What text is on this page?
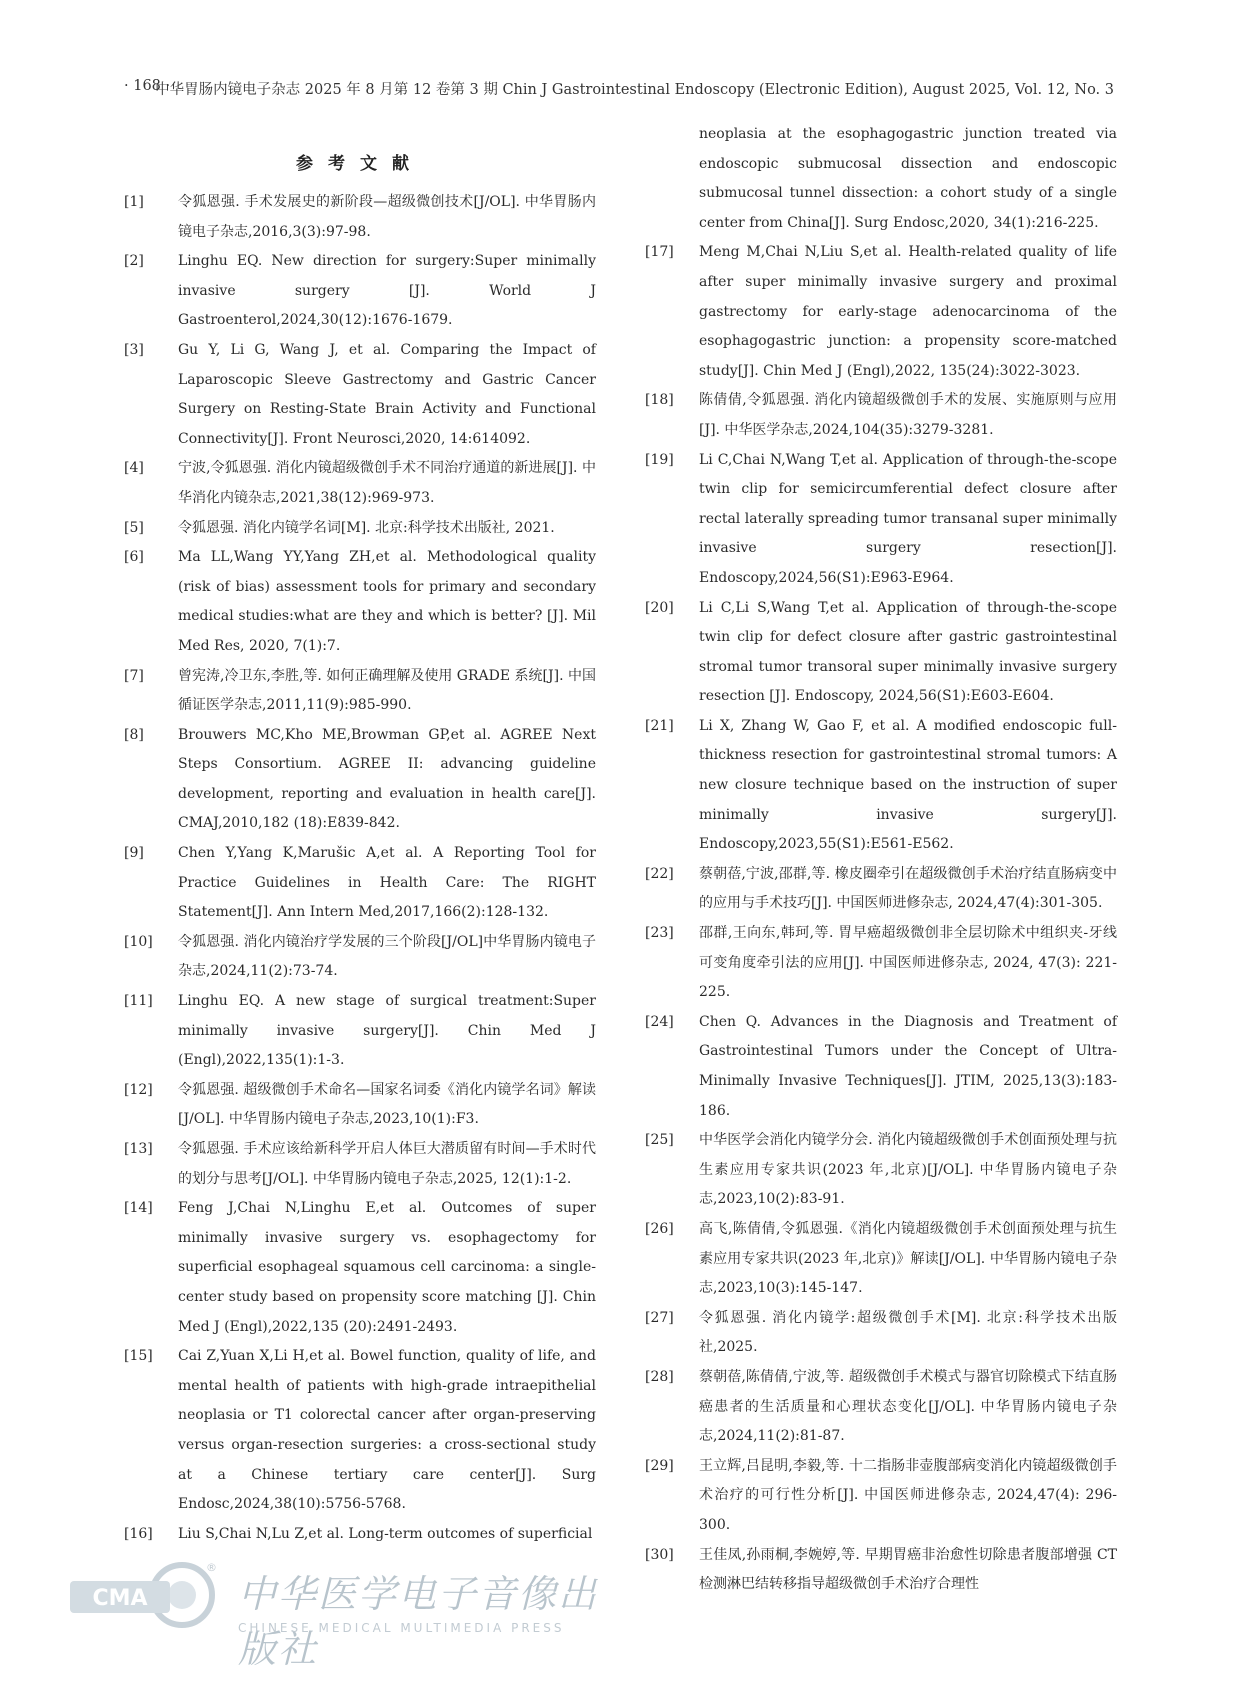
· 168 ·
中华胃肠内镜电子杂志 2025 年 8 月第 12 卷第 3 期 Chin J Gastrointestinal Endoscopy (Electronic Edition), August 2025, Vol. 12, No. 3
参考文献
[1]	令狐恩强. 手术发展史的新阶段—超级微创技术[J/OL]. 中华胃肠内镜电子杂志,2016,3(3):97-98.
[2]	Linghu EQ. New direction for surgery:Super minimally invasive surgery [J]. World J Gastroenterol,2024,30(12):1676-1679.
[3]	Gu Y, Li G, Wang J, et al. Comparing the Impact of Laparoscopic Sleeve Gastrectomy and Gastric Cancer Surgery on Resting-State Brain Activity and Functional Connectivity[J]. Front Neurosci,2020, 14:614092.
[4]	宁波,令狐恩强. 消化内镜超级微创手术不同治疗通道的新进展[J]. 中华消化内镜杂志,2021,38(12):969-973.
[5]	令狐恩强. 消化内镜学名词[M]. 北京:科学技术出版社, 2021.
[6]	Ma LL,Wang YY,Yang ZH,et al. Methodological quality (risk of bias) assessment tools for primary and secondary medical studies:what are they and which is better? [J]. Mil Med Res, 2020, 7(1):7.
[7]	曾宪涛,冷卫东,李胜,等. 如何正确理解及使用 GRADE 系统[J]. 中国循证医学杂志,2011,11(9):985-990.
[8]	Brouwers MC,Kho ME,Browman GP,et al. AGREE Next Steps Consortium. AGREE II: advancing guideline development, reporting and evaluation in health care[J]. CMAJ,2010,182 (18):E839-842.
[9]	Chen Y,Yang K,Marušic A,et al. A Reporting Tool for Practice Guidelines in Health Care: The RIGHT Statement[J]. Ann Intern Med,2017,166(2):128-132.
[10]	令狐恩强. 消化内镜治疗学发展的三个阶段[J/OL]中华胃肠内镜电子杂志,2024,11(2):73-74.
[11]	Linghu EQ. A new stage of surgical treatment:Super minimally invasive surgery[J]. Chin Med J (Engl),2022,135(1):1-3.
[12]	令狐恩强. 超级微创手术命名—国家名词委《消化内镜学名词》解读[J/OL]. 中华胃肠内镜电子杂志,2023,10(1):F3.
[13]	令狐恩强. 手术应该给新科学开启人体巨大潜质留有时间—手术时代的划分与思考[J/OL]. 中华胃肠内镜电子杂志,2025, 12(1):1-2.
[14]	Feng J,Chai N,Linghu E,et al. Outcomes of super minimally invasive surgery vs. esophagectomy for superficial esophageal squamous cell carcinoma: a single-center study based on propensity score matching [J]. Chin Med J (Engl),2022,135 (20):2491-2493.
[15]	Cai Z,Yuan X,Li H,et al. Bowel function, quality of life, and mental health of patients with high-grade intraepithelial neoplasia or T1 colorectal cancer after organ-preserving versus organ-resection surgeries: a cross-sectional study at a Chinese tertiary care center[J]. Surg Endosc,2024,38(10):5756-5768.
[16]	Liu S,Chai N,Lu Z,et al. Long-term outcomes of superficial
neoplasia at the esophagogastric junction treated via endoscopic submucosal dissection and endoscopic submucosal tunnel dissection: a cohort study of a single center from China[J]. Surg Endosc,2020, 34(1):216-225.
[17]	Meng M,Chai N,Liu S,et al. Health-related quality of life after super minimally invasive surgery and proximal gastrectomy for early-stage adenocarcinoma of the esophagogastric junction: a propensity score-matched study[J]. Chin Med J (Engl),2022, 135(24):3022-3023.
[18]	陈倩倩,令狐恩强. 消化内镜超级微创手术的发展、实施原则与应用[J]. 中华医学杂志,2024,104(35):3279-3281.
[19]	Li C,Chai N,Wang T,et al. Application of through-the-scope twin clip for semicircumferential defect closure after rectal laterally spreading tumor transanal super minimally invasive surgery resection[J]. Endoscopy,2024,56(S1):E963-E964.
[20]	Li C,Li S,Wang T,et al. Application of through-the-scope twin clip for defect closure after gastric gastrointestinal stromal tumor transoral super minimally invasive surgery resection [J]. Endoscopy, 2024,56(S1):E603-E604.
[21]	Li X, Zhang W, Gao F, et al. A modified endoscopic full-thickness resection for gastrointestinal stromal tumors: A new closure technique based on the instruction of super minimally invasive surgery[J]. Endoscopy,2023,55(S1):E561-E562.
[22]	蔡朝蓓,宁波,邵群,等. 橡皮圈牵引在超级微创手术治疗结直肠病变中的应用与手术技巧[J]. 中国医师进修杂志, 2024,47(4):301-305.
[23]	邵群,王向东,韩珂,等. 胃早癌超级微创非全层切除术中组织夹-牙线可变角度牵引法的应用[J]. 中国医师进修杂志, 2024, 47(3): 221-225.
[24]	Chen Q. Advances in the Diagnosis and Treatment of Gastrointestinal Tumors under the Concept of Ultra-Minimally Invasive Techniques[J]. JTIM, 2025,13(3):183-186.
[25]	中华医学会消化内镜学分会. 消化内镜超级微创手术创面预处理与抗生素应用专家共识(2023 年,北京)[J/OL]. 中华胃肠内镜电子杂志,2023,10(2):83-91.
[26]	高飞,陈倩倩,令狐恩强.《消化内镜超级微创手术创面预处理与抗生素应用专家共识(2023 年,北京)》解读[J/OL]. 中华胃肠内镜电子杂志,2023,10(3):145-147.
[27]	令狐恩强. 消化内镜学:超级微创手术[M]. 北京:科学技术出版社,2025.
[28]	蔡朝蓓,陈倩倩,宁波,等. 超级微创手术模式与器官切除模式下结直肠癌患者的生活质量和心理状态变化[J/OL]. 中华胃肠内镜电子杂志,2024,11(2):81-87.
[29]	王立辉,吕昆明,李毅,等. 十二指肠非壶腹部病变消化内镜超级微创手术治疗的可行性分析[J]. 中国医师进修杂志, 2024,47(4): 296-300.
[30]	王佳凤,孙雨桐,李婉婷,等. 早期胃癌非治愈性切除患者腹部增强 CT 检测淋巴结转移指导超级微创手术治疗合理性
CMA
®
中华医学电子音像出版社
CHINESE MEDICAL MULTIMEDIA PRESS
